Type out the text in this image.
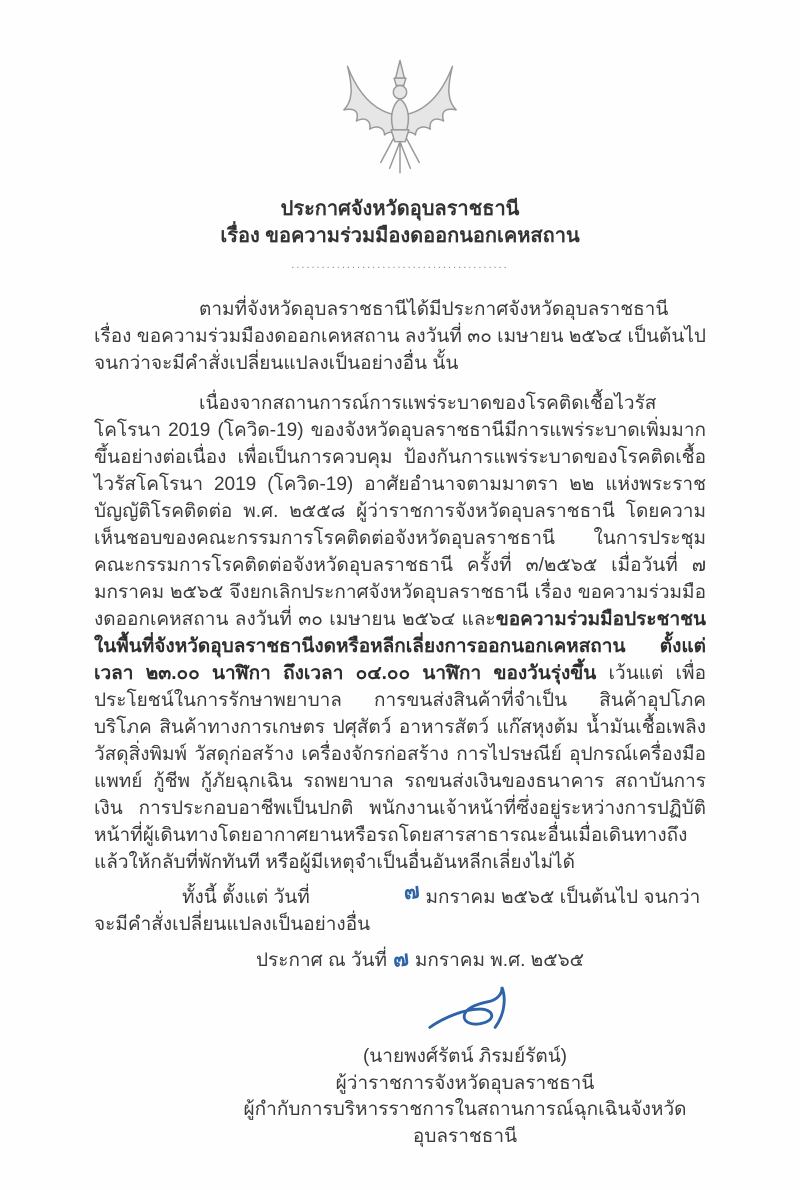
ประกาศจังหวัดอุบลราชธานี
เรื่อง ขอความร่วมมืองดออกนอกเคหสถาน
...........................................

ตามที่จังหวัดอุบลราชธานีได้มีประกาศจังหวัดอุบลราชธานี เรื่อง ขอความร่วมมืองดออกเคหสถาน ลงวันที่ ๓๐ เมษายน ๒๕๖๔ เป็นต้นไป จนกว่าจะมีคำสั่งเปลี่ยนแปลงเป็นอย่างอื่น นั้น

เนื่องจากสถานการณ์การแพร่ระบาดของโรคติดเชื้อไวรัสโคโรนา 2019 (โควิด-19) ของจังหวัดอุบลราชธานีมีการแพร่ระบาดเพิ่มมากขึ้นอย่างต่อเนื่อง เพื่อเป็นการควบคุม ป้องกันการแพร่ระบาดของโรคติดเชื้อไวรัสโคโรนา 2019 (โควิด-19) อาศัยอำนาจตามมาตรา ๒๒ แห่งพระราชบัญญัติโรคติดต่อ พ.ศ. ๒๕๕๘ ผู้ว่าราชการจังหวัดอุบลราชธานี โดยความเห็นชอบของคณะกรรมการโรคติดต่อจังหวัดอุบลราชธานี ในการประชุมคณะกรรมการโรคติดต่อจังหวัดอุบลราชธานี ครั้งที่ ๓/๒๕๖๕ เมื่อวันที่ ๗ มกราคม ๒๕๖๕ จึงยกเลิกประกาศจังหวัดอุบลราชธานี เรื่อง ขอความร่วมมืองดออกเคหสถาน ลงวันที่ ๓๐ เมษายน ๒๕๖๔ และขอความร่วมมือประชาชนในพื้นที่จังหวัดอุบลราชธานีงดหรือหลีกเลี่ยงการออกนอกเคหสถาน ตั้งแต่เวลา ๒๓.๐๐ นาฬิกา ถึงเวลา ๐๔.๐๐ นาฬิกา ของวันรุ่งขึ้น เว้นแต่ เพื่อประโยชน์ในการรักษาพยาบาล การขนส่งสินค้าที่จำเป็น สินค้าอุปโภคบริโภค สินค้าทางการเกษตร ปศุสัตว์ อาหารสัตว์ แก๊สหุงต้ม น้ำมันเชื้อเพลิง วัสดุสิ่งพิมพ์ วัสดุก่อสร้าง เครื่องจักรก่อสร้าง การไปรษณีย์ อุปกรณ์เครื่องมือแพทย์ กู้ชีพ กู้ภัยฉุกเฉิน รถพยาบาล รถขนส่งเงินของธนาคาร สถาบันการเงิน การประกอบอาชีพเป็นปกติ พนักงานเจ้าหน้าที่ซึ่งอยู่ระหว่างการปฏิบัติหน้าที่ผู้เดินทางโดยอากาศยานหรือรถโดยสารสาธารณะอื่นเมื่อเดินทางถึงแล้วให้กลับที่พักทันที หรือผู้มีเหตุจำเป็นอื่นอันหลีกเลี่ยงไม่ได้

ทั้งนี้ ตั้งแต่ วันที่	๗ มกราคม ๒๕๖๕ เป็นต้นไป จนกว่าจะมีคำสั่งเปลี่ยนแปลงเป็นอย่างอื่น

ประกาศ ณ วันที่ ๗ มกราคม พ.ศ. ๒๕๖๕
(นายพงศ์รัตน์ ภิรมย์รัตน์)
ผู้ว่าราชการจังหวัดอุบลราชธานี
ผู้กำกับการบริหารราชการในสถานการณ์ฉุกเฉินจังหวัดอุบลราชธานี
